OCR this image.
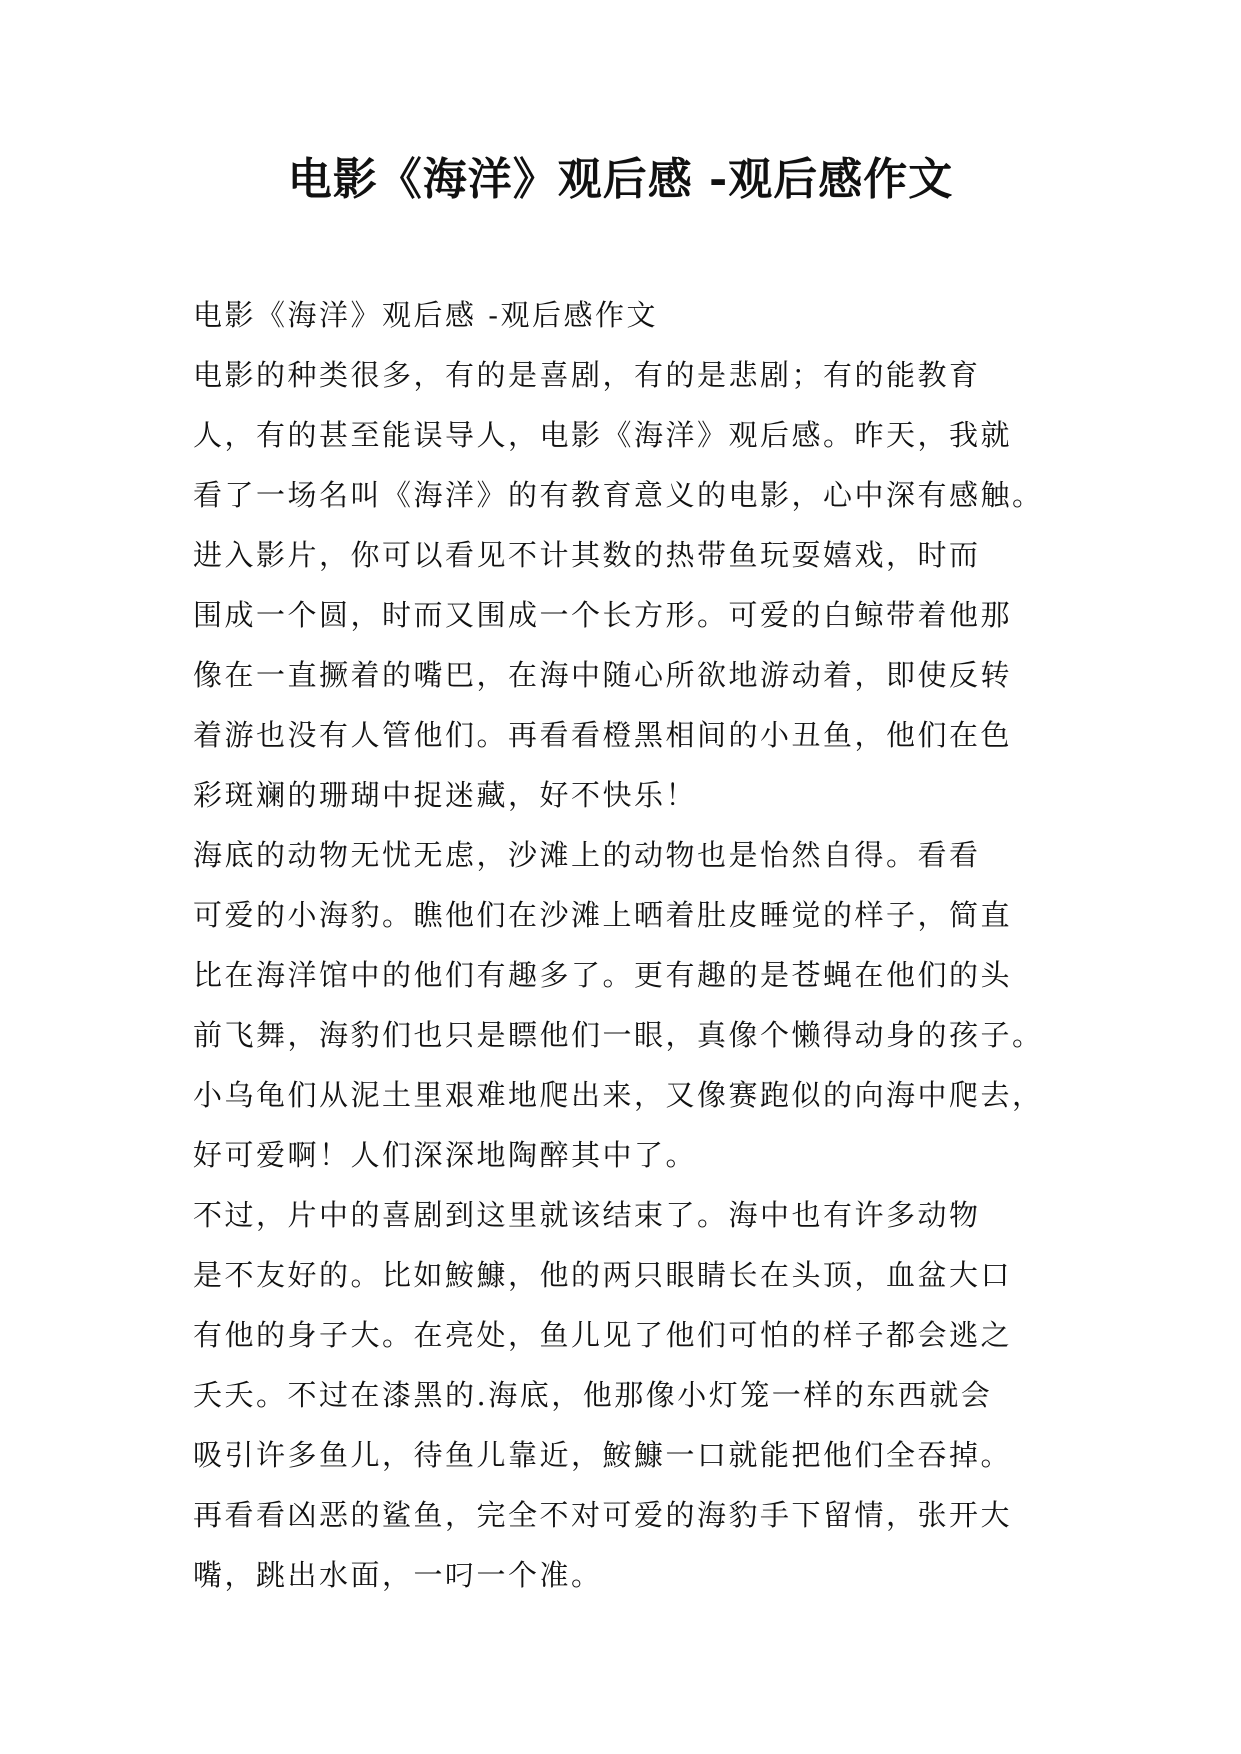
电影《海洋》观后感 -观后感作文
电影《海洋》观后感 -观后感作文
电影的种类很多，有的是喜剧，有的是悲剧；有的能教育
人，有的甚至能误导人，电影《海洋》观后感。昨天，我就
看了一场名叫《海洋》的有教育意义的电影，心中深有感触。
进入影片，你可以看见不计其数的热带鱼玩耍嬉戏，时而
围成一个圆，时而又围成一个长方形。可爱的白鲸带着他那
像在一直撅着的嘴巴，在海中随心所欲地游动着，即使反转
着游也没有人管他们。再看看橙黑相间的小丑鱼，他们在色
彩斑斓的珊瑚中捉迷藏，好不快乐！
海底的动物无忧无虑，沙滩上的动物也是怡然自得。看看
可爱的小海豹。瞧他们在沙滩上晒着肚皮睡觉的样子，简直
比在海洋馆中的他们有趣多了。更有趣的是苍蝇在他们的头
前飞舞，海豹们也只是瞟他们一眼，真像个懒得动身的孩子。
小乌龟们从泥土里艰难地爬出来，又像赛跑似的向海中爬去，
好可爱啊！人们深深地陶醉其中了。
不过，片中的喜剧到这里就该结束了。海中也有许多动物
是不友好的。比如鮟鱇，他的两只眼睛长在头顶，血盆大口
有他的身子大。在亮处，鱼儿见了他们可怕的样子都会逃之
夭夭。不过在漆黑的.海底，他那像小灯笼一样的东西就会
吸引许多鱼儿，待鱼儿靠近，鮟鱇一口就能把他们全吞掉。
再看看凶恶的鲨鱼，完全不对可爱的海豹手下留情，张开大
嘴，跳出水面，一叼一个准。
